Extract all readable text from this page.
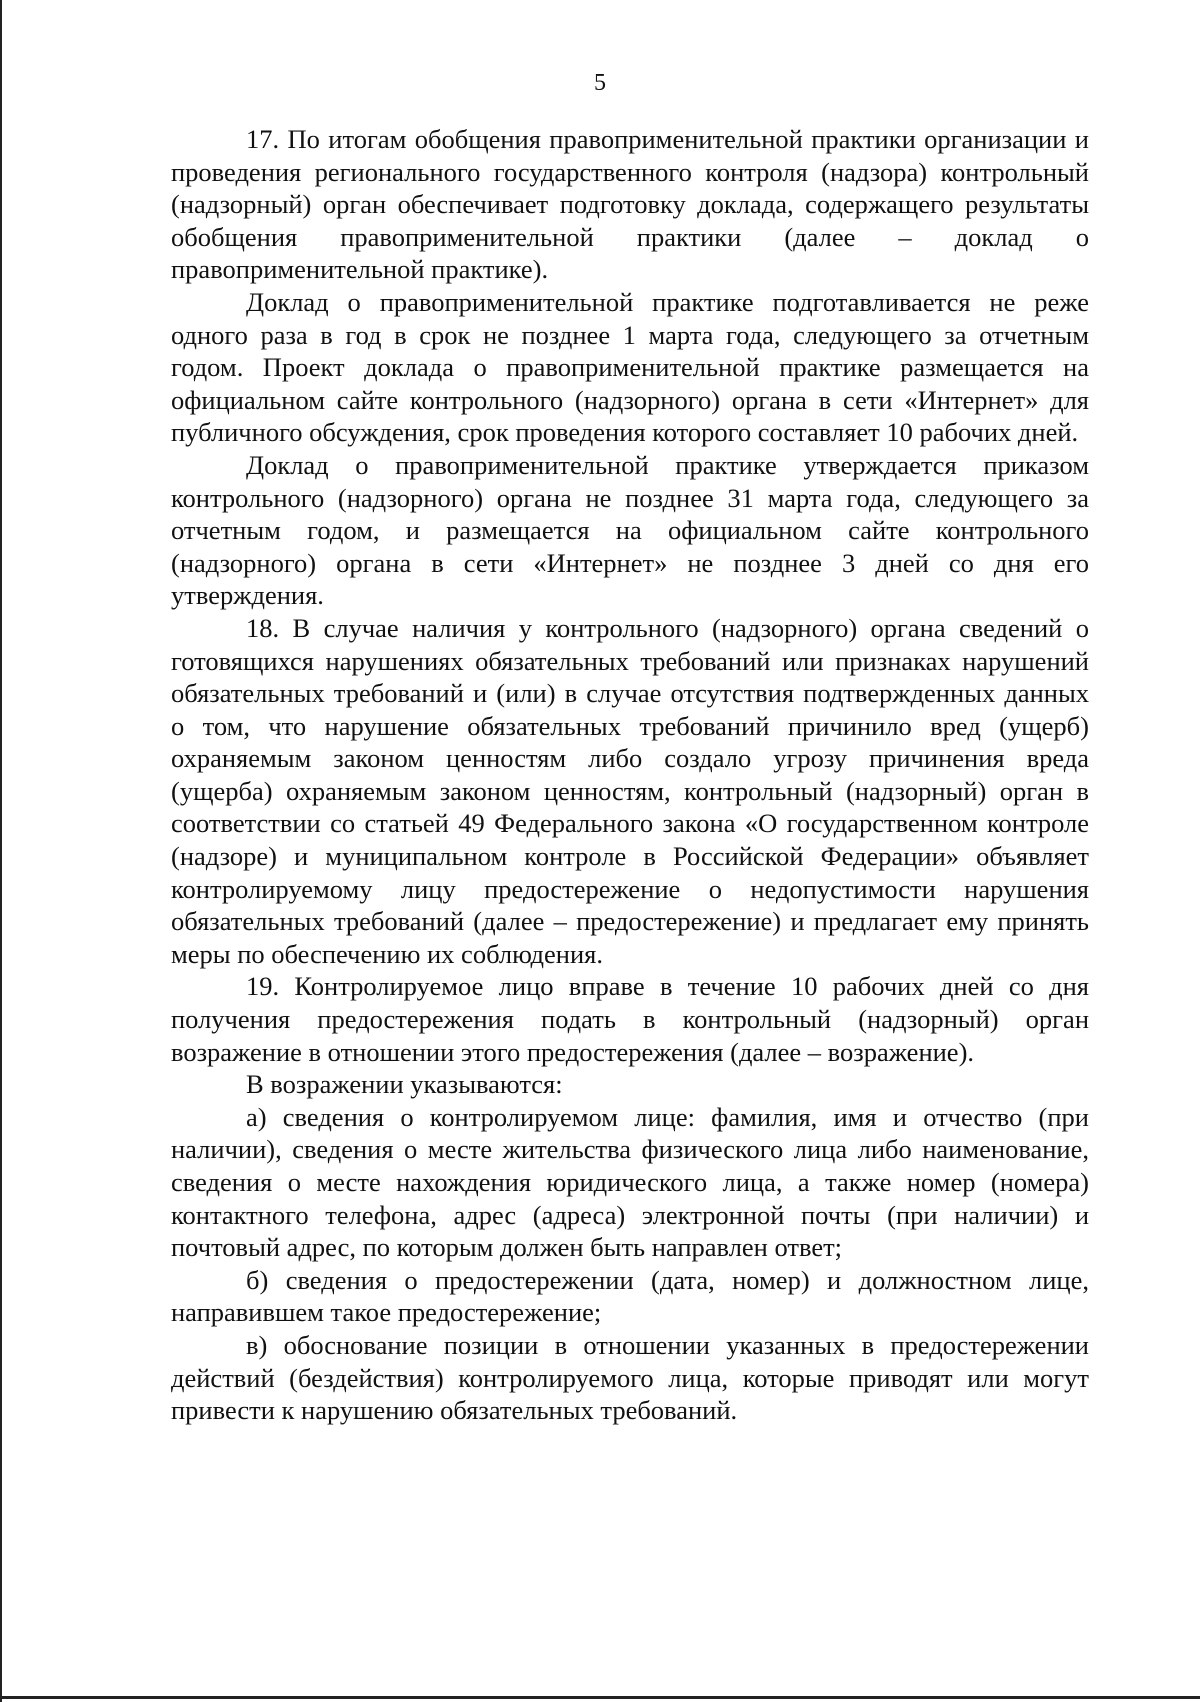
5

17. По итогам обобщения правоприменительной практики организации и проведения регионального государственного контроля (надзора) контрольный (надзорный) орган обеспечивает подготовку доклада, содержащего результаты обобщения правоприменительной практики (далее – доклад о правоприменительной практике).

Доклад о правоприменительной практике подготавливается не реже одного раза в год в срок не позднее 1 марта года, следующего за отчетным годом. Проект доклада о правоприменительной практике размещается на официальном сайте контрольного (надзорного) органа в сети «Интернет» для публичного обсуждения, срок проведения которого составляет 10 рабочих дней.

Доклад о правоприменительной практике утверждается приказом контрольного (надзорного) органа не позднее 31 марта года, следующего за отчетным годом, и размещается на официальном сайте контрольного (надзорного) органа в сети «Интернет» не позднее 3 дней со дня его утверждения.

18. В случае наличия у контрольного (надзорного) органа сведений о готовящихся нарушениях обязательных требований или признаках нарушений обязательных требований и (или) в случае отсутствия подтвержденных данных о том, что нарушение обязательных требований причинило вред (ущерб) охраняемым законом ценностям либо создало угрозу причинения вреда (ущерба) охраняемым законом ценностям, контрольный (надзорный) орган в соответствии со статьей 49 Федерального закона «О государственном контроле (надзоре) и муниципальном контроле в Российской Федерации» объявляет контролируемому лицу предостережение о недопустимости нарушения обязательных требований (далее – предостережение) и предлагает ему принять меры по обеспечению их соблюдения.

19. Контролируемое лицо вправе в течение 10 рабочих дней со дня получения предостережения подать в контрольный (надзорный) орган возражение в отношении этого предостережения (далее – возражение).

В возражении указываются:

а) сведения о контролируемом лице: фамилия, имя и отчество (при наличии), сведения о месте жительства физического лица либо наименование, сведения о месте нахождения юридического лица, а также номер (номера) контактного телефона, адрес (адреса) электронной почты (при наличии) и почтовый адрес, по которым должен быть направлен ответ;

б) сведения о предостережении (дата, номер) и должностном лице, направившем такое предостережение;

в) обоснование позиции в отношении указанных в предостережении действий (бездействия) контролируемого лица, которые приводят или могут привести к нарушению обязательных требований.
